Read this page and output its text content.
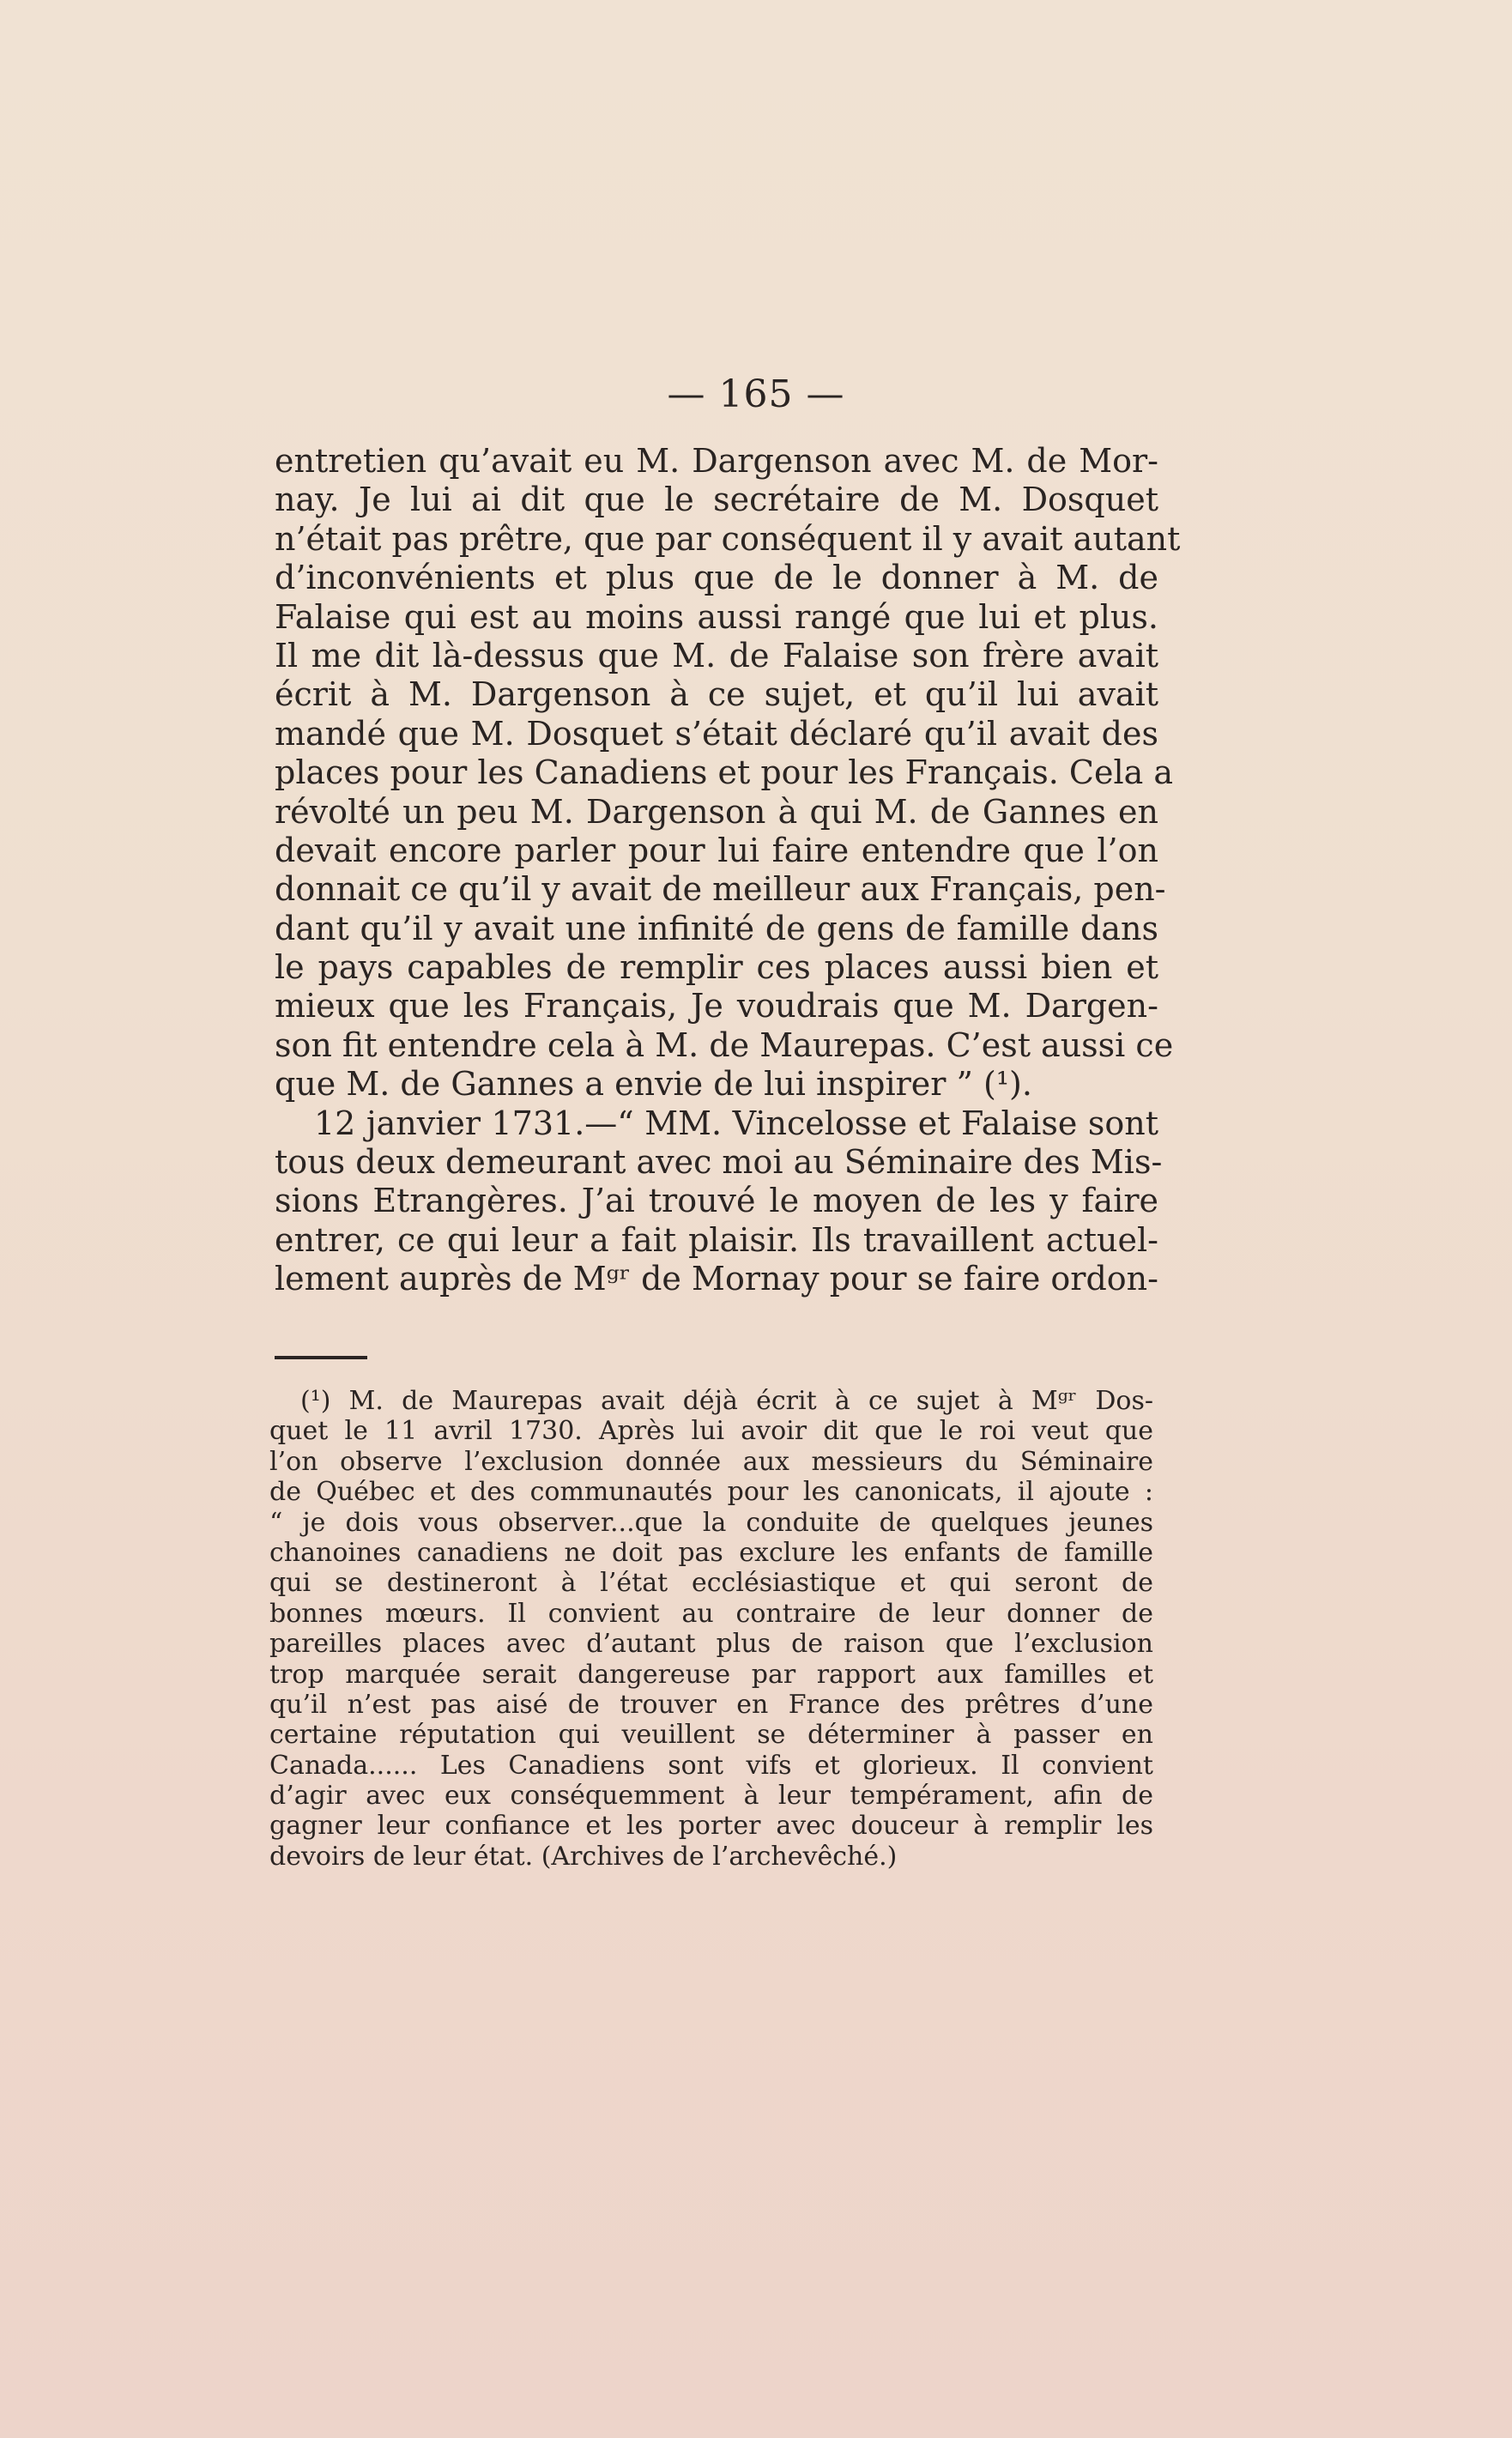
— 165 —
entretien qu’avait eu M. Dargenson avec M. de Mor-
nay. Je lui ai dit que le secrétaire de M. Dosquet
n’était pas prêtre, que par conséquent il y avait autant
d’inconvénients et plus que de le donner à M. de
Falaise qui est au moins aussi rangé que lui et plus.
Il me dit là-dessus que M. de Falaise son frère avait
écrit à M. Dargenson à ce sujet, et qu’il lui avait
mandé que M. Dosquet s’était déclaré qu’il avait des
places pour les Canadiens et pour les Français. Cela a
révolté un peu M. Dargenson à qui M. de Gannes en
devait encore parler pour lui faire entendre que l’on
donnait ce qu’il y avait de meilleur aux Français, pen-
dant qu’il y avait une infinité de gens de famille dans
le pays capables de remplir ces places aussi bien et
mieux que les Français, Je voudrais que M. Dargen-
son fit entendre cela à M. de Maurepas. C’est aussi ce
que M. de Gannes a envie de lui inspirer ” (¹).
12 janvier 1731.—“ MM. Vincelosse et Falaise sont
tous deux demeurant avec moi au Séminaire des Mis-
sions Etrangères. J’ai trouvé le moyen de les y faire
entrer, ce qui leur a fait plaisir. Ils travaillent actuel-
lement auprès de Mᵍʳ de Mornay pour se faire ordon-
(¹) M. de Maurepas avait déjà écrit à ce sujet à Mᵍʳ Dos-
quet le 11 avril 1730. Après lui avoir dit que le roi veut que
l’on observe l’exclusion donnée aux messieurs du Séminaire
de Québec et des communautés pour les canonicats, il ajoute :
“ je dois vous observer...que la conduite de quelques jeunes
chanoines canadiens ne doit pas exclure les enfants de famille
qui se destineront à l’état ecclésiastique et qui seront de
bonnes mœurs. Il convient au contraire de leur donner de
pareilles places avec d’autant plus de raison que l’exclusion
trop marquée serait dangereuse par rapport aux familles et
qu’il n’est pas aisé de trouver en France des prêtres d’une
certaine réputation qui veuillent se déterminer à passer en
Canada...... Les Canadiens sont vifs et glorieux. Il convient
d’agir avec eux conséquemment à leur tempérament, afin de
gagner leur confiance et les porter avec douceur à remplir les
devoirs de leur état. (Archives de l’archevêché.)
